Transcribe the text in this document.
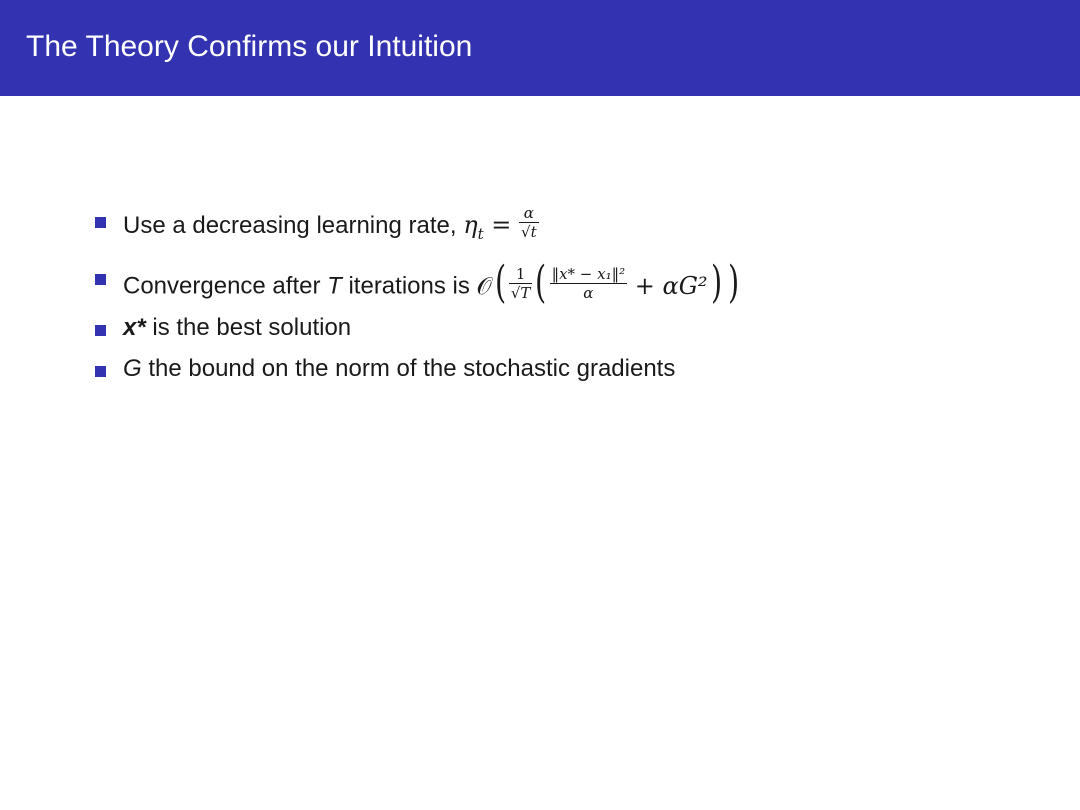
The Theory Confirms our Intuition
Use a decreasing learning rate, $\eta_t = \frac{\alpha}{√t}$
Convergence after T iterations is 𝒪( $\frac{1}{√T}$ ( $\frac{\text{‖x* − x₁‖²}}{\alpha} + \alpha G^2$) )
x* is the best solution
G the bound on the norm of the stochastic gradients
